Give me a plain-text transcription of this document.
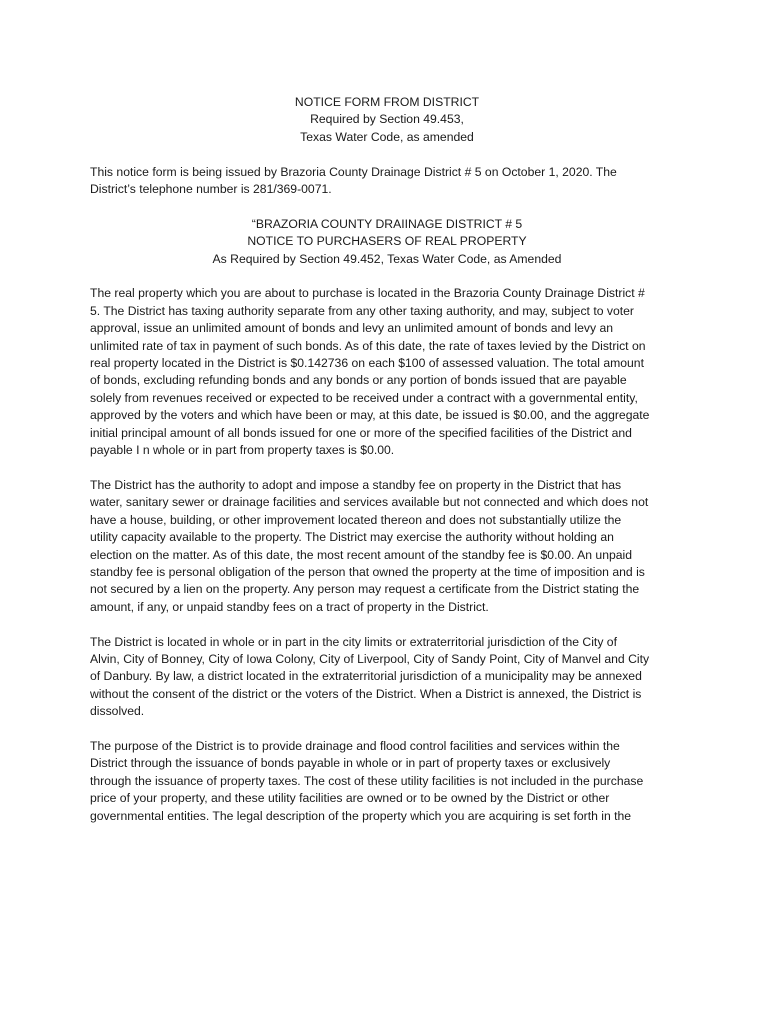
NOTICE FORM FROM DISTRICT
Required by Section 49.453,
Texas Water Code, as amended
This notice form is being issued by Brazoria County Drainage District # 5 on October 1, 2020. The
District’s telephone number is 281/369-0071.
“BRAZORIA COUNTY DRAIINAGE DISTRICT # 5
NOTICE TO PURCHASERS OF REAL PROPERTY
As Required by Section 49.452, Texas Water Code, as Amended
The real property which you are about to purchase is located in the Brazoria County Drainage District #
5. The District has taxing authority separate from any other taxing authority, and may, subject to voter
approval, issue an unlimited amount of bonds and levy an unlimited amount of bonds and levy an
unlimited rate of tax in payment of such bonds. As of this date, the rate of taxes levied by the District on
real property located in the District is $0.142736 on each $100 of assessed valuation. The total amount
of bonds, excluding refunding bonds and any bonds or any portion of bonds issued that are payable
solely from revenues received or expected to be received under a contract with a governmental entity,
approved by the voters and which have been or may, at this date, be issued is $0.00, and the aggregate
initial principal amount of all bonds issued for one or more of the specified facilities of the District and
payable I n whole or in part from property taxes is $0.00.
The District has the authority to adopt and impose a standby fee on property in the District that has
water, sanitary sewer or drainage facilities and services available but not connected and which does not
have a house, building, or other improvement located thereon and does not substantially utilize the
utility capacity available to the property. The District may exercise the authority without holding an
election on the matter. As of this date, the most recent amount of the standby fee is $0.00. An unpaid
standby fee is personal obligation of the person that owned the property at the time of imposition and is
not secured by a lien on the property. Any person may request a certificate from the District stating the
amount, if any, or unpaid standby fees on a tract of property in the District.
The District is located in whole or in part in the city limits or extraterritorial jurisdiction of the City of
Alvin, City of Bonney, City of Iowa Colony, City of Liverpool, City of Sandy Point, City of Manvel and City
of Danbury. By law, a district located in the extraterritorial jurisdiction of a municipality may be annexed
without the consent of the district or the voters of the District. When a District is annexed, the District is
dissolved.
The purpose of the District is to provide drainage and flood control facilities and services within the
District through the issuance of bonds payable in whole or in part of property taxes or exclusively
through the issuance of property taxes. The cost of these utility facilities is not included in the purchase
price of your property, and these utility facilities are owned or to be owned by the District or other
governmental entities. The legal description of the property which you are acquiring is set forth in the
